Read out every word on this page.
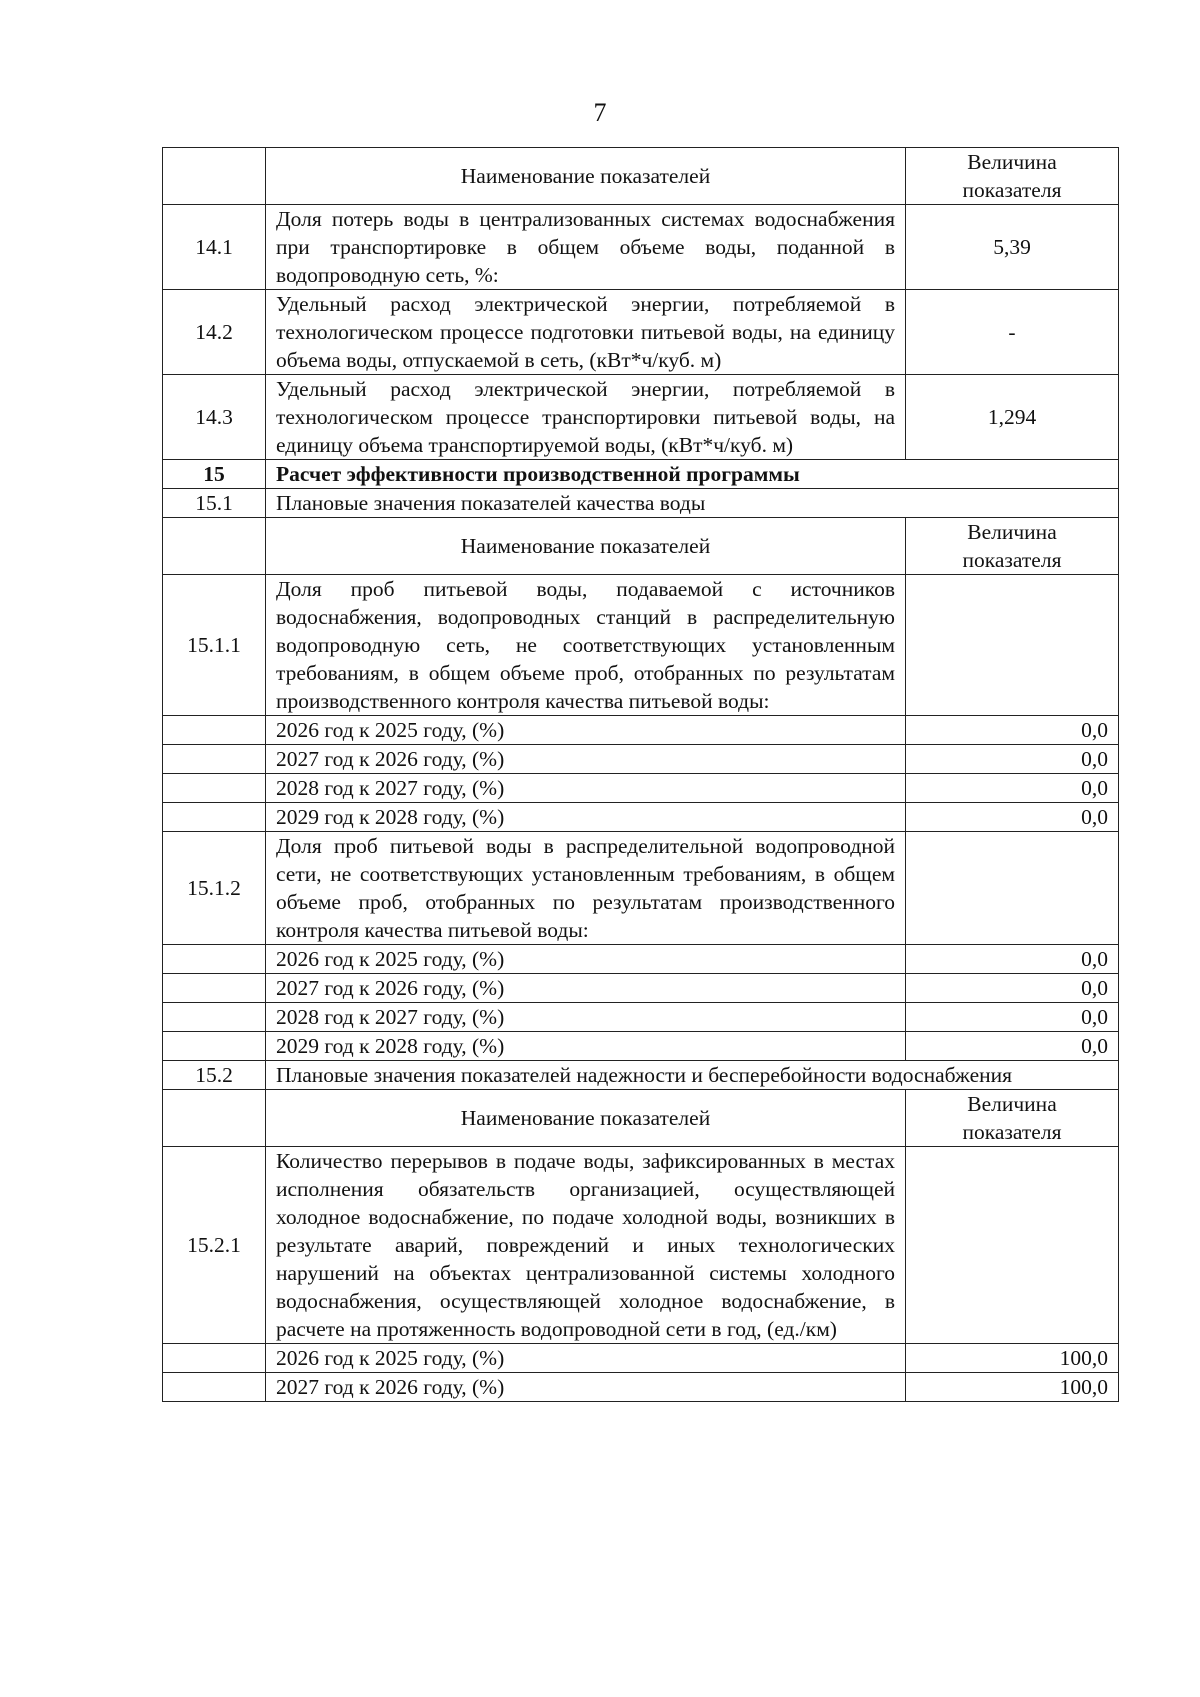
7
	Наименование показателей	Величина показателя
14.1	Доля потерь воды в централизованных системах водоснабжения при транспортировке в общем объеме воды, поданной в водопроводную сеть, %:	5,39
14.2	Удельный расход электрической энергии, потребляемой в технологическом процессе подготовки питьевой воды, на единицу объема воды, отпускаемой в сеть, (кВт*ч/куб. м)	-
14.3	Удельный расход электрической энергии, потребляемой в технологическом процессе транспортировки питьевой воды, на единицу объема транспортируемой воды, (кВт*ч/куб. м)	1,294
15	Расчет эффективности производственной программы	
15.1	Плановые значения показателей качества воды	
	Наименование показателей	Величина показателя
15.1.1	Доля проб питьевой воды, подаваемой с источников водоснабжения, водопроводных станций в распределительную водопроводную сеть, не соответствующих установленным требованиям, в общем объеме проб, отобранных по результатам производственного контроля качества питьевой воды:	
	2026 год к 2025 году, (%)	0,0
	2027 год к 2026 году, (%)	0,0
	2028 год к 2027 году, (%)	0,0
	2029 год к 2028 году, (%)	0,0
15.1.2	Доля проб питьевой воды в распределительной водопроводной сети, не соответствующих установленным требованиям, в общем объеме проб, отобранных по результатам производственного контроля качества питьевой воды:	
	2026 год к 2025 году, (%)	0,0
	2027 год к 2026 году, (%)	0,0
	2028 год к 2027 году, (%)	0,0
	2029 год к 2028 году, (%)	0,0
15.2	Плановые значения показателей надежности и бесперебойности водоснабжения	
	Наименование показателей	Величина показателя
15.2.1	Количество перерывов в подаче воды, зафиксированных в местах исполнения обязательств организацией, осуществляющей холодное водоснабжение, по подаче холодной воды, возникших в результате аварий, повреждений и иных технологических нарушений на объектах централизованной системы холодного водоснабжения, осуществляющей холодное водоснабжение, в расчете на протяженность водопроводной сети в год, (ед./км)	
	2026 год к 2025 году, (%)	100,0
	2027 год к 2026 году, (%)	100,0
